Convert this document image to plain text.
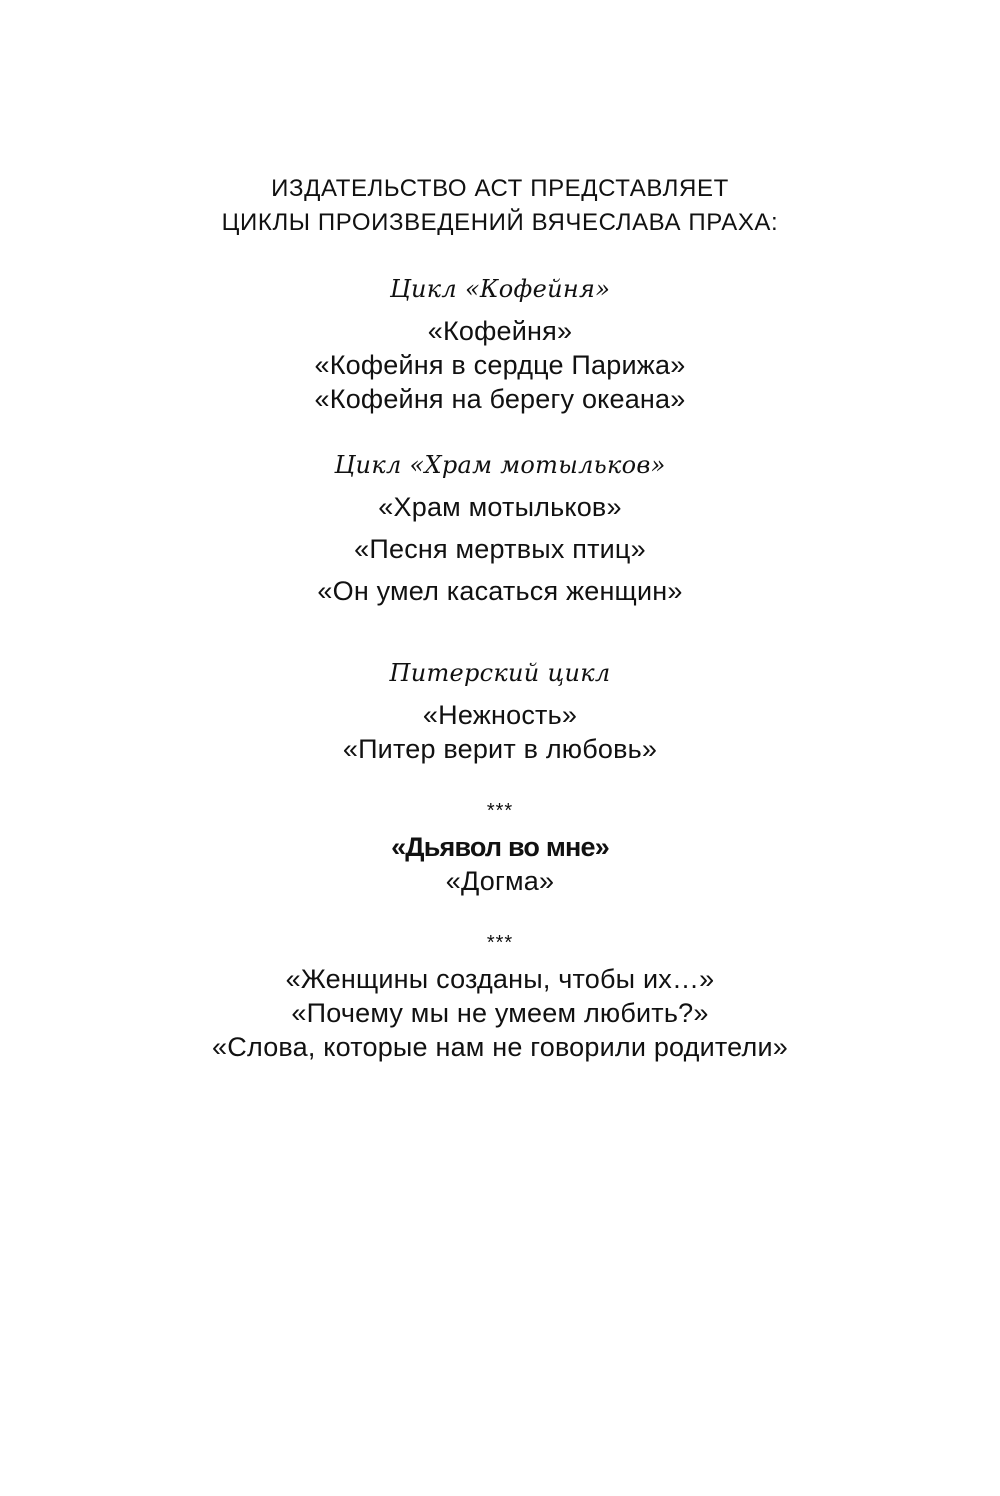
ИЗДАТЕЛЬСТВО АСТ ПРЕДСТАВЛЯЕТ
ЦИКЛЫ ПРОИЗВЕДЕНИЙ ВЯЧЕСЛАВА ПРАХА:
Цикл «Кофейня»
«Кофейня»
«Кофейня в сердце Парижа»
«Кофейня на берегу океана»
Цикл «Храм мотыльков»
«Храм мотыльков»
«Песня мертвых птиц»
«Он умел касаться женщин»
Питерский цикл
«Нежность»
«Питер верит в любовь»
***
«Дьявол во мне»
«Догма»
***
«Женщины созданы, чтобы их…»
«Почему мы не умеем любить?»
«Слова, которые нам не говорили родители»
